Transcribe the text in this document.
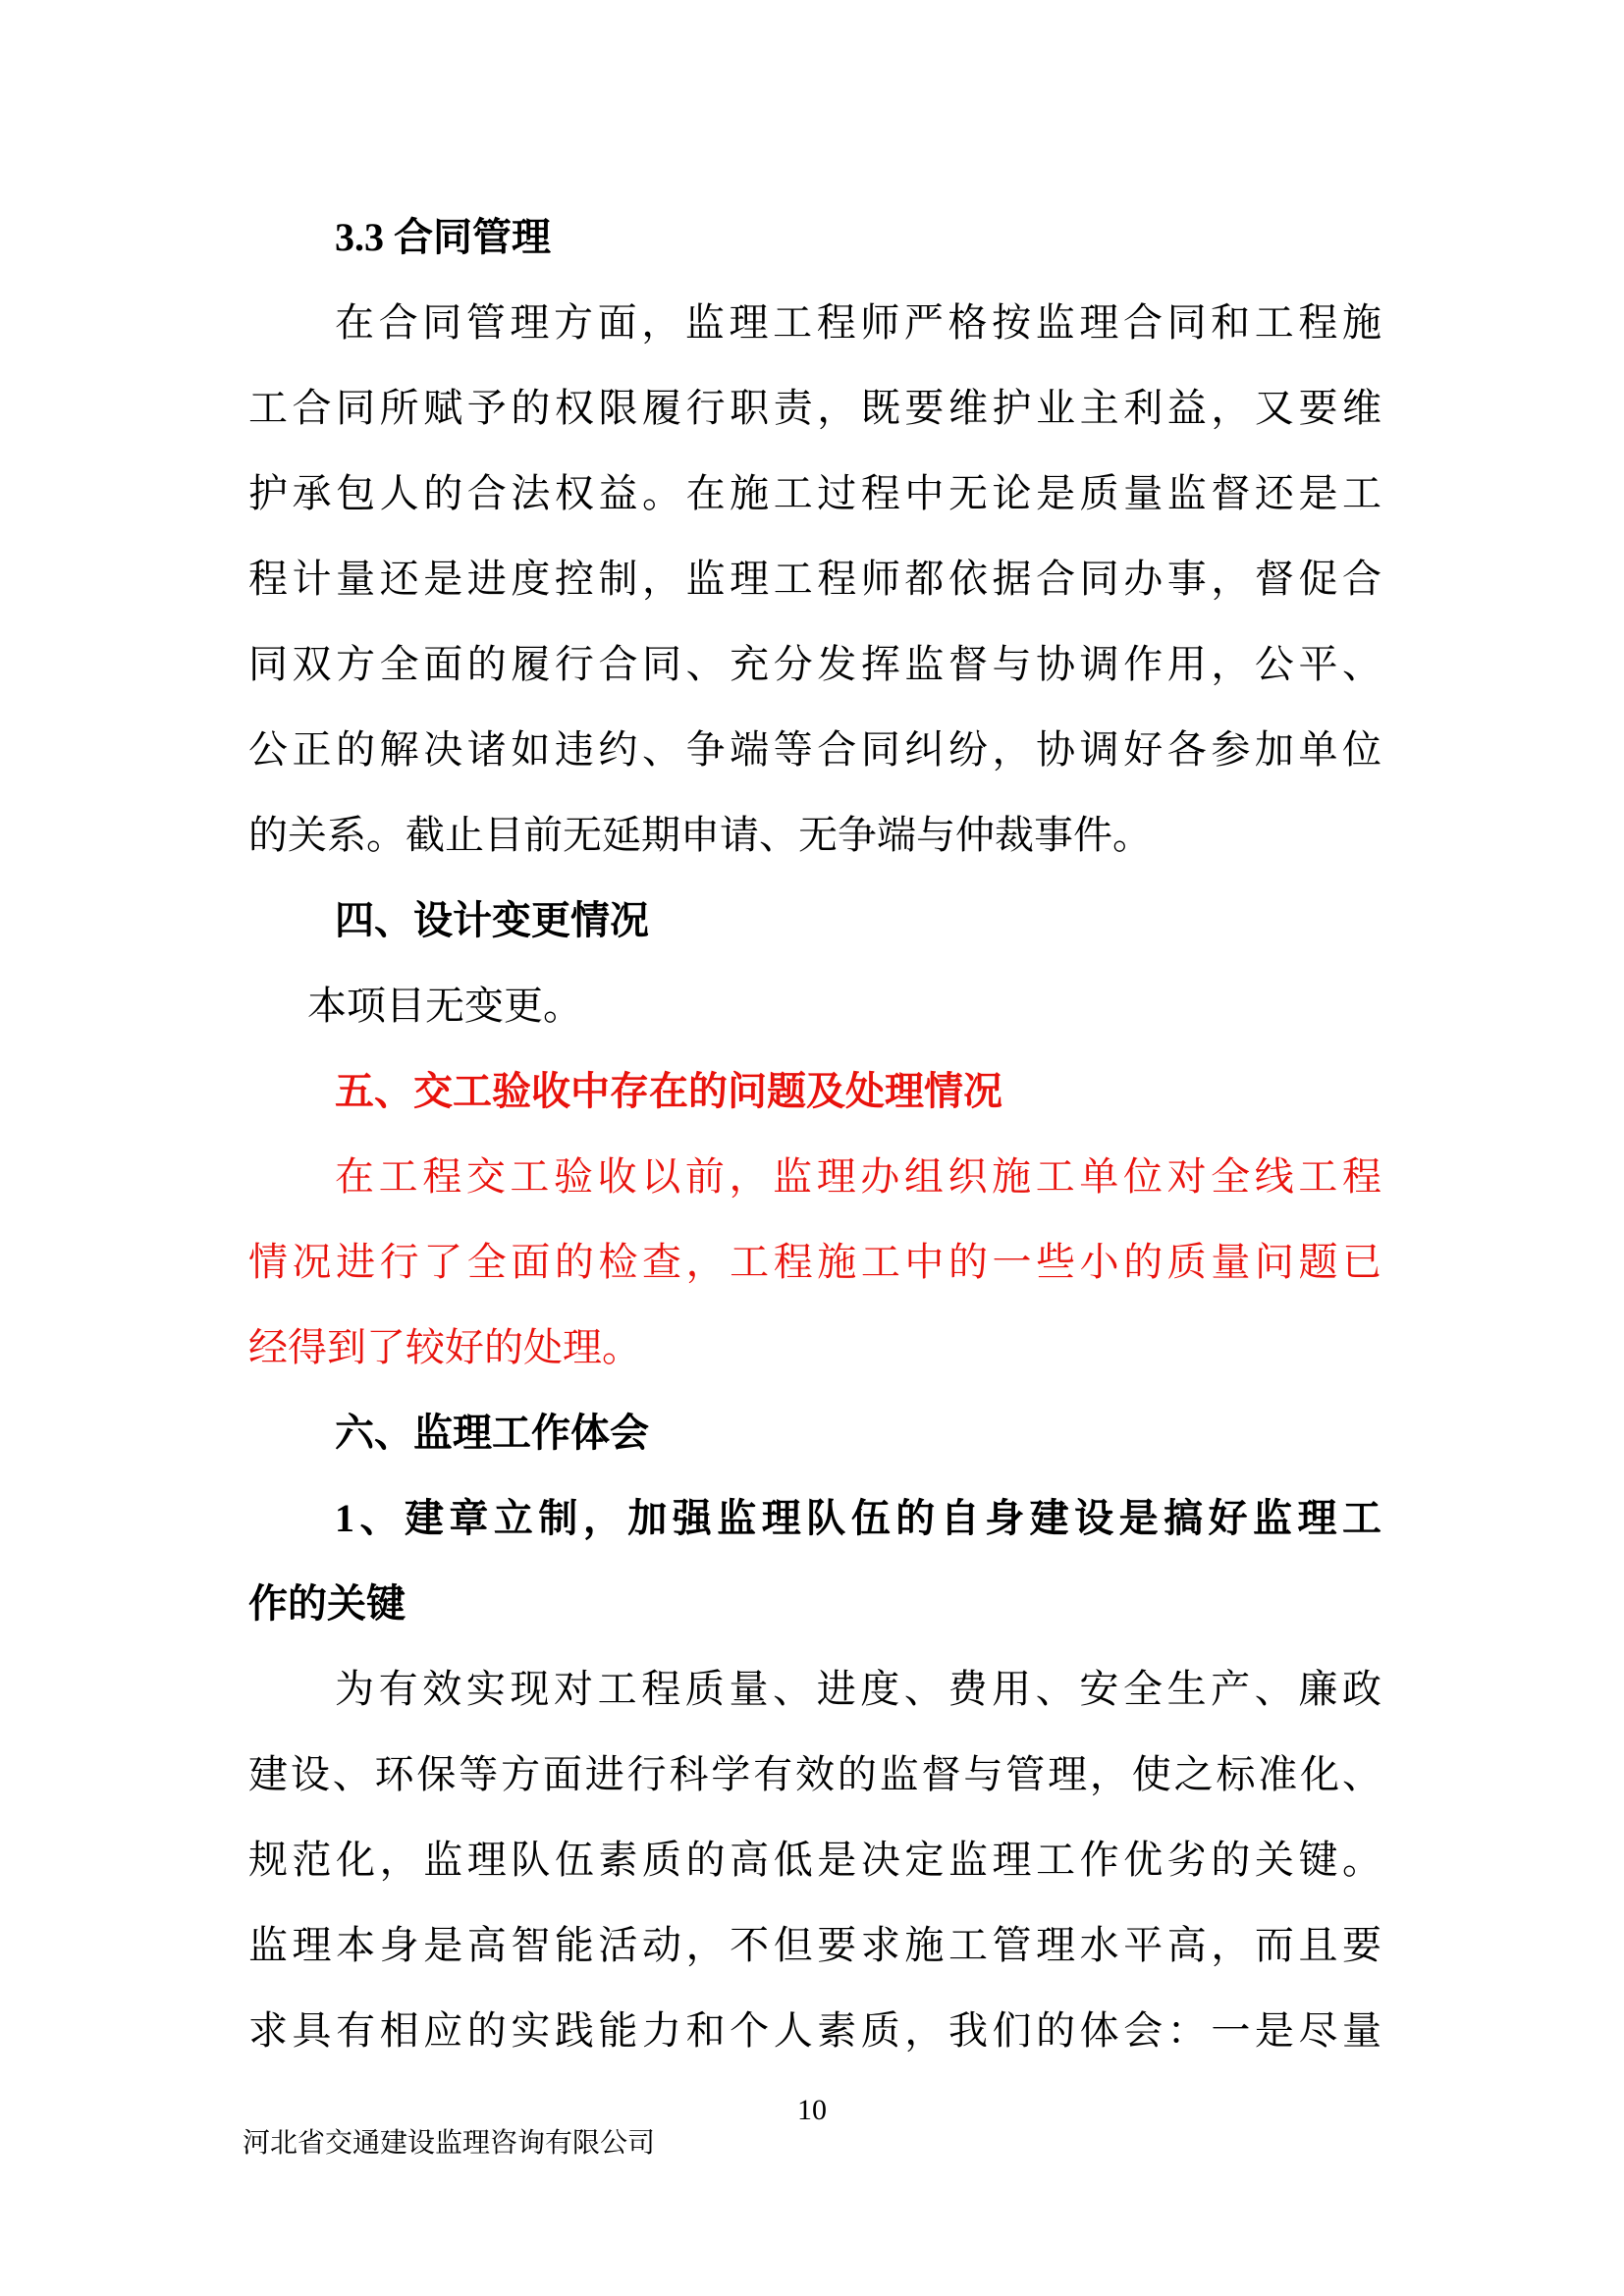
3.3 合同管理
在合同管理方面，监理工程师严格按监理合同和工程施
工合同所赋予的权限履行职责，既要维护业主利益，又要维
护承包人的合法权益。在施工过程中无论是质量监督还是工
程计量还是进度控制，监理工程师都依据合同办事，督促合
同双方全面的履行合同、充分发挥监督与协调作用，公平、
公正的解决诸如违约、争端等合同纠纷，协调好各参加单位
的关系。截止目前无延期申请、无争端与仲裁事件。
四、设计变更情况
本项目无变更。
五、交工验收中存在的问题及处理情况
在工程交工验收以前，监理办组织施工单位对全线工程
情况进行了全面的检查，工程施工中的一些小的质量问题已
经得到了较好的处理。
六、监理工作体会
1、建章立制，加强监理队伍的自身建设是搞好监理工
作的关键
为有效实现对工程质量、进度、费用、安全生产、廉政
建设、环保等方面进行科学有效的监督与管理，使之标准化、
规范化，监理队伍素质的高低是决定监理工作优劣的关键。
监理本身是高智能活动，不但要求施工管理水平高，而且要
求具有相应的实践能力和个人素质，我们的体会：一是尽量
10
河北省交通建设监理咨询有限公司
